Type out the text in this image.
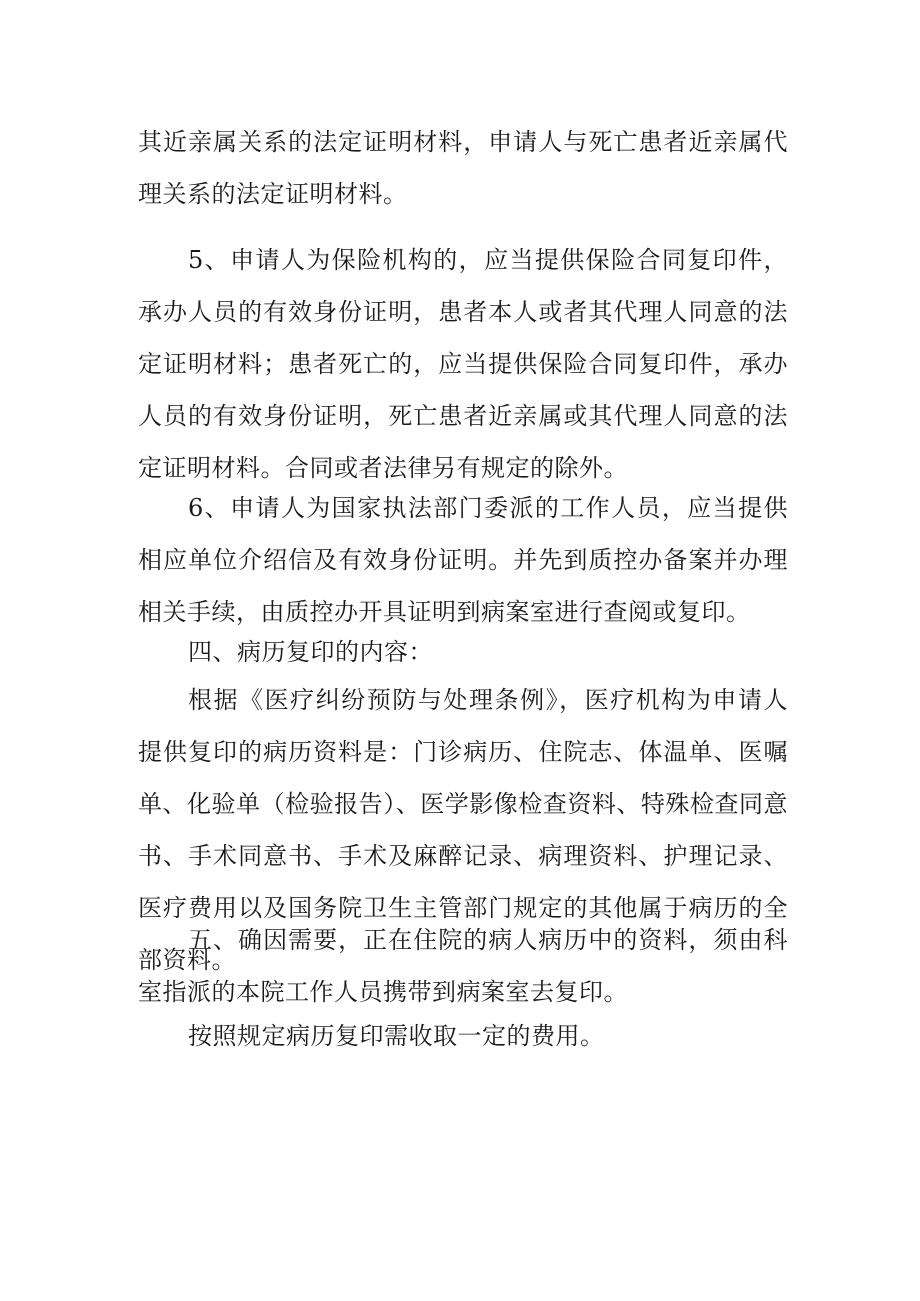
其近亲属关系的法定证明材料，申请人与死亡患者近亲属代理关系的法定证明材料。

5、申请人为保险机构的，应当提供保险合同复印件，承办人员的有效身份证明，患者本人或者其代理人同意的法定证明材料；患者死亡的，应当提供保险合同复印件，承办人员的有效身份证明，死亡患者近亲属或其代理人同意的法定证明材料。合同或者法律另有规定的除外。

6、申请人为国家执法部门委派的工作人员，应当提供相应单位介绍信及有效身份证明。并先到质控办备案并办理相关手续，由质控办开具证明到病案室进行查阅或复印。

四、病历复印的内容：

根据《医疗纠纷预防与处理条例》，医疗机构为申请人提供复印的病历资料是：门诊病历、住院志、体温单、医嘱单、化验单（检验报告）、医学影像检查资料、特殊检查同意书、手术同意书、手术及麻醉记录、病理资料、护理记录、医疗费用以及国务院卫生主管部门规定的其他属于病历的全部资料。

五、确因需要，正在住院的病人病历中的资料，须由科室指派的本院工作人员携带到病案室去复印。

按照规定病历复印需收取一定的费用。
